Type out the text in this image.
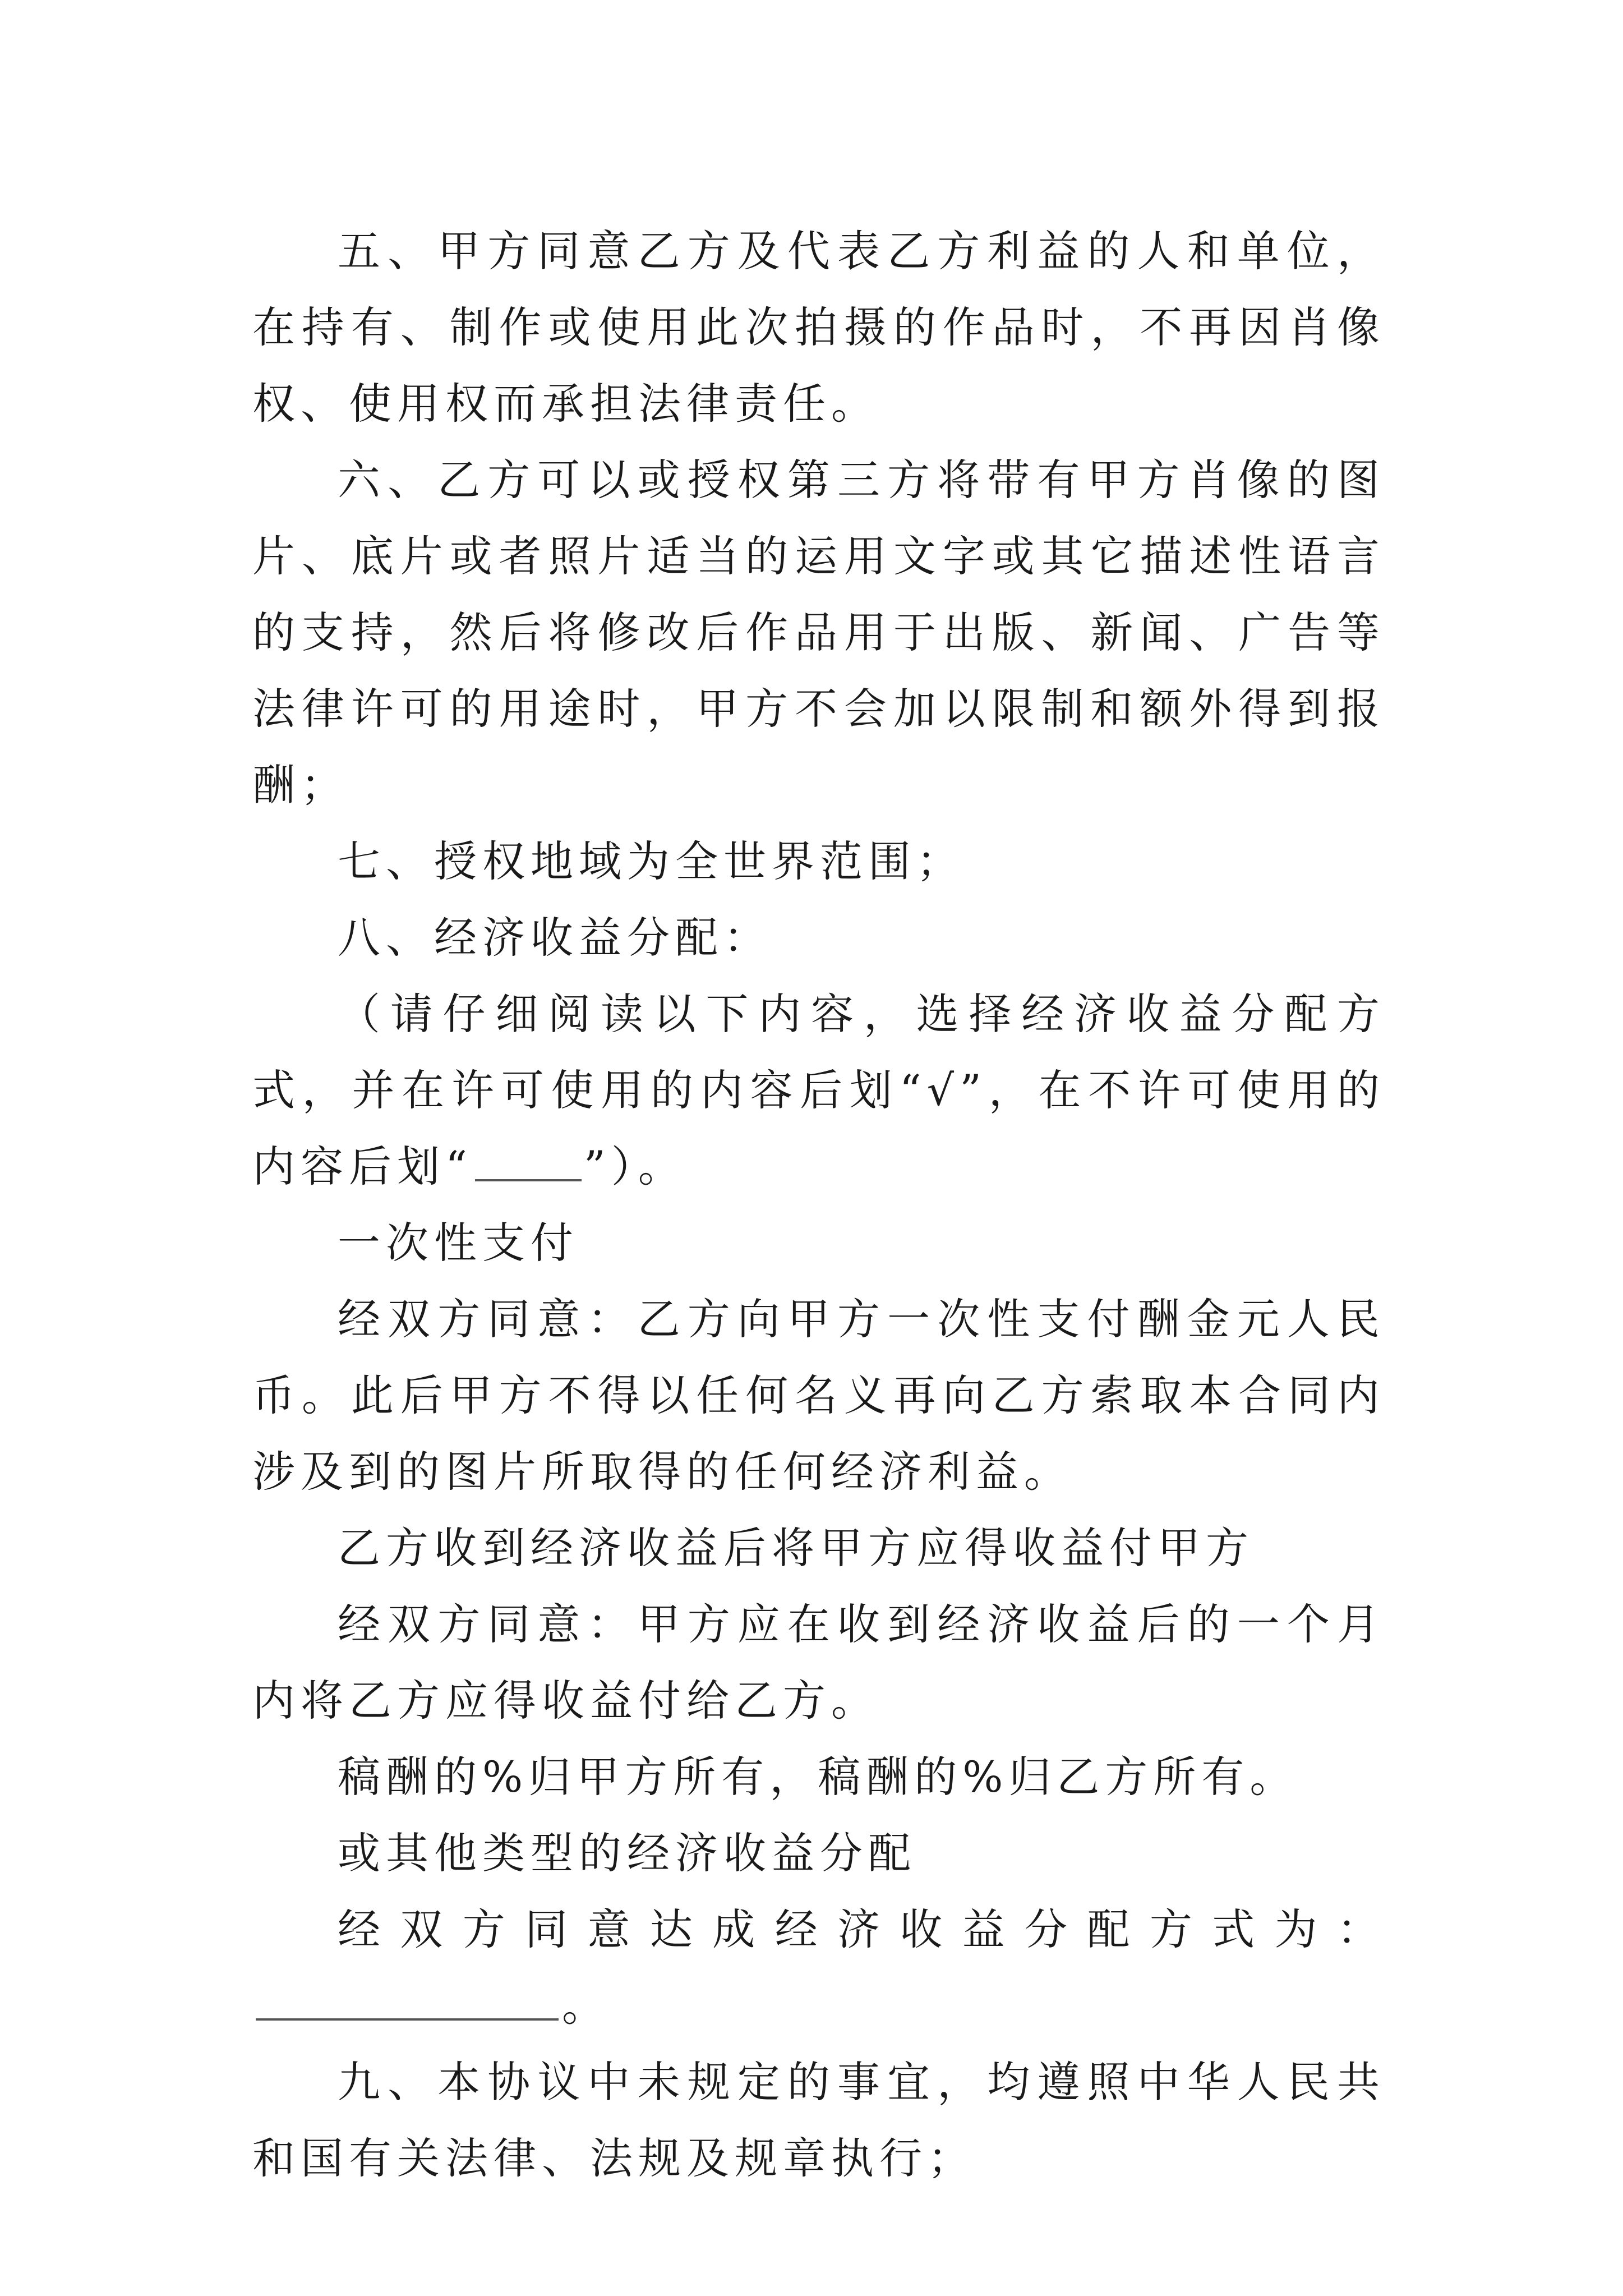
五、甲方同意乙方及代表乙方利益的人和单位，在持有、制作或使用此次拍摄的作品时，不再因肖像权、使用权而承担法律责任。

六、乙方可以或授权第三方将带有甲方肖像的图片、底片或者照片适当的运用文字或其它描述性语言的支持，然后将修改后作品用于出版、新闻、广告等法律许可的用途时，甲方不会加以限制和额外得到报酬；

七、授权地域为全世界范围；

八、经济收益分配：

（请仔细阅读以下内容，选择经济收益分配方式，并在许可使用的内容后划“√”，在不许可使用的内容后划“	”）。

一次性支付

经双方同意：乙方向甲方一次性支付酬金元人民币。此后甲方不得以任何名义再向乙方索取本合同内涉及到的图片所取得的任何经济利益。

乙方收到经济收益后将甲方应得收益付甲方

经双方同意：甲方应在收到经济收益后的一个月内将乙方应得收益付给乙方。

稿酬的%归甲方所有，稿酬的%归乙方所有。

或其他类型的经济收益分配

经双方同意达成经济收益分配方式为：。

九、本协议中未规定的事宜，均遵照中华人民共和国有关法律、法规及规章执行；
